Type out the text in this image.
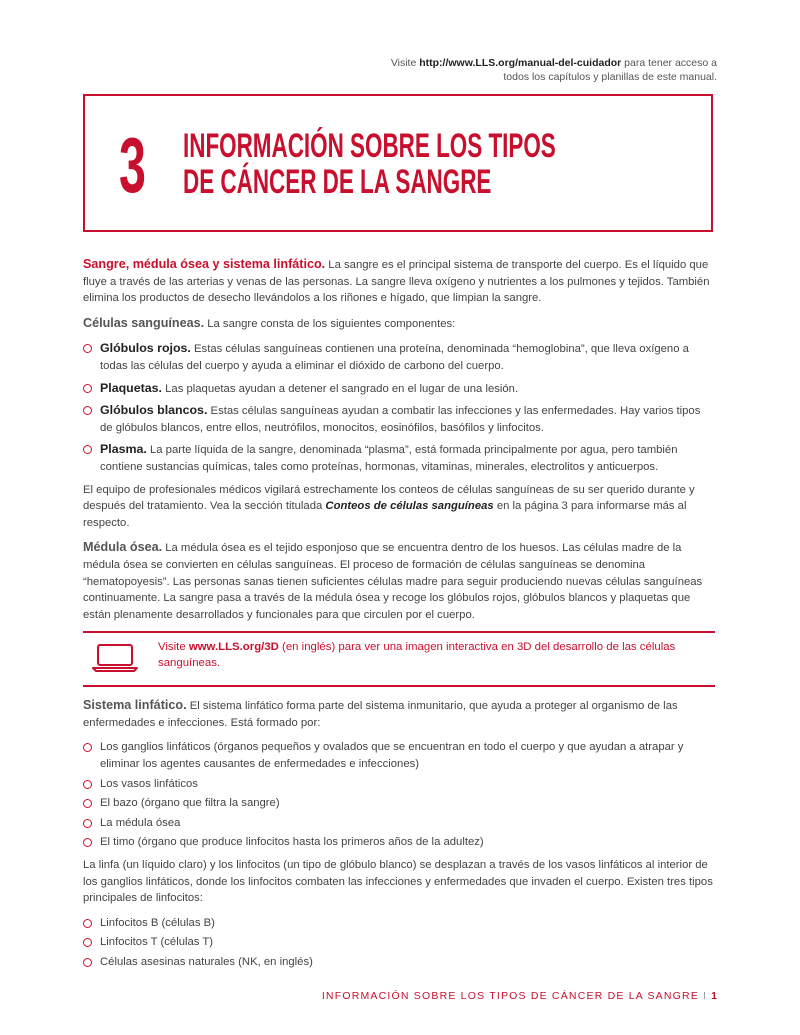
Visite http://www.LLS.org/manual-del-cuidador para tener acceso a todos los capítulos y planillas de este manual.
3 INFORMACIÓN SOBRE LOS TIPOS
DE CÁNCER DE LA SANGRE

Sangre, médula ósea y sistema linfático. La sangre es el principal sistema de transporte del cuerpo. Es el líquido que fluye a través de las arterias y venas de las personas. La sangre lleva oxígeno y nutrientes a los pulmones y tejidos. También elimina los productos de desecho llevándolos a los riñones e hígado, que limpian la sangre.

Células sanguíneas. La sangre consta de los siguientes componentes:

Glóbulos rojos. Estas células sanguíneas contienen una proteína, denominada “hemoglobina”, que lleva oxígeno a todas las células del cuerpo y ayuda a eliminar el dióxido de carbono del cuerpo.
Plaquetas. Las plaquetas ayudan a detener el sangrado en el lugar de una lesión.
Glóbulos blancos. Estas células sanguíneas ayudan a combatir las infecciones y las enfermedades. Hay varios tipos de glóbulos blancos, entre ellos, neutrófilos, monocitos, eosinófilos, basófilos y linfocitos.
Plasma. La parte líquida de la sangre, denominada “plasma”, está formada principalmente por agua, pero también contiene sustancias químicas, tales como proteínas, hormonas, vitaminas, minerales, electrolitos y anticuerpos.

El equipo de profesionales médicos vigilará estrechamente los conteos de células sanguíneas de su ser querido durante y después del tratamiento. Vea la sección titulada Conteos de células sanguíneas en la página 3 para informarse más al respecto.

Médula ósea. La médula ósea es el tejido esponjoso que se encuentra dentro de los huesos. Las células madre de la médula ósea se convierten en células sanguíneas. El proceso de formación de células sanguíneas se denomina “hematopoyesis”. Las personas sanas tienen suficientes células madre para seguir produciendo nuevas células sanguíneas continuamente. La sangre pasa a través de la médula ósea y recoge los glóbulos rojos, glóbulos blancos y plaquetas que están plenamente desarrollados y funcionales para que circulen por el cuerpo.

Visite www.LLS.org/3D (en inglés) para ver una imagen interactiva en 3D del desarrollo de las células sanguíneas.

Sistema linfático. El sistema linfático forma parte del sistema inmunitario, que ayuda a proteger al organismo de las enfermedades e infecciones. Está formado por:

Los ganglios linfáticos (órganos pequeños y ovalados que se encuentran en todo el cuerpo y que ayudan a atrapar y eliminar los agentes causantes de enfermedades e infecciones)
Los vasos linfáticos
El bazo (órgano que filtra la sangre)
La médula ósea
El timo (órgano que produce linfocitos hasta los primeros años de la adultez)

La linfa (un líquido claro) y los linfocitos (un tipo de glóbulo blanco) se desplazan a través de los vasos linfáticos al interior de los ganglios linfáticos, donde los linfocitos combaten las infecciones y enfermedades que invaden el cuerpo. Existen tres tipos principales de linfocitos:

Linfocitos B (células B)
Linfocitos T (células T)
Células asesinas naturales (NK, en inglés)
INFORMACIÓN SOBRE LOS TIPOS DE CÁNCER DE LA SANGRE I 1
